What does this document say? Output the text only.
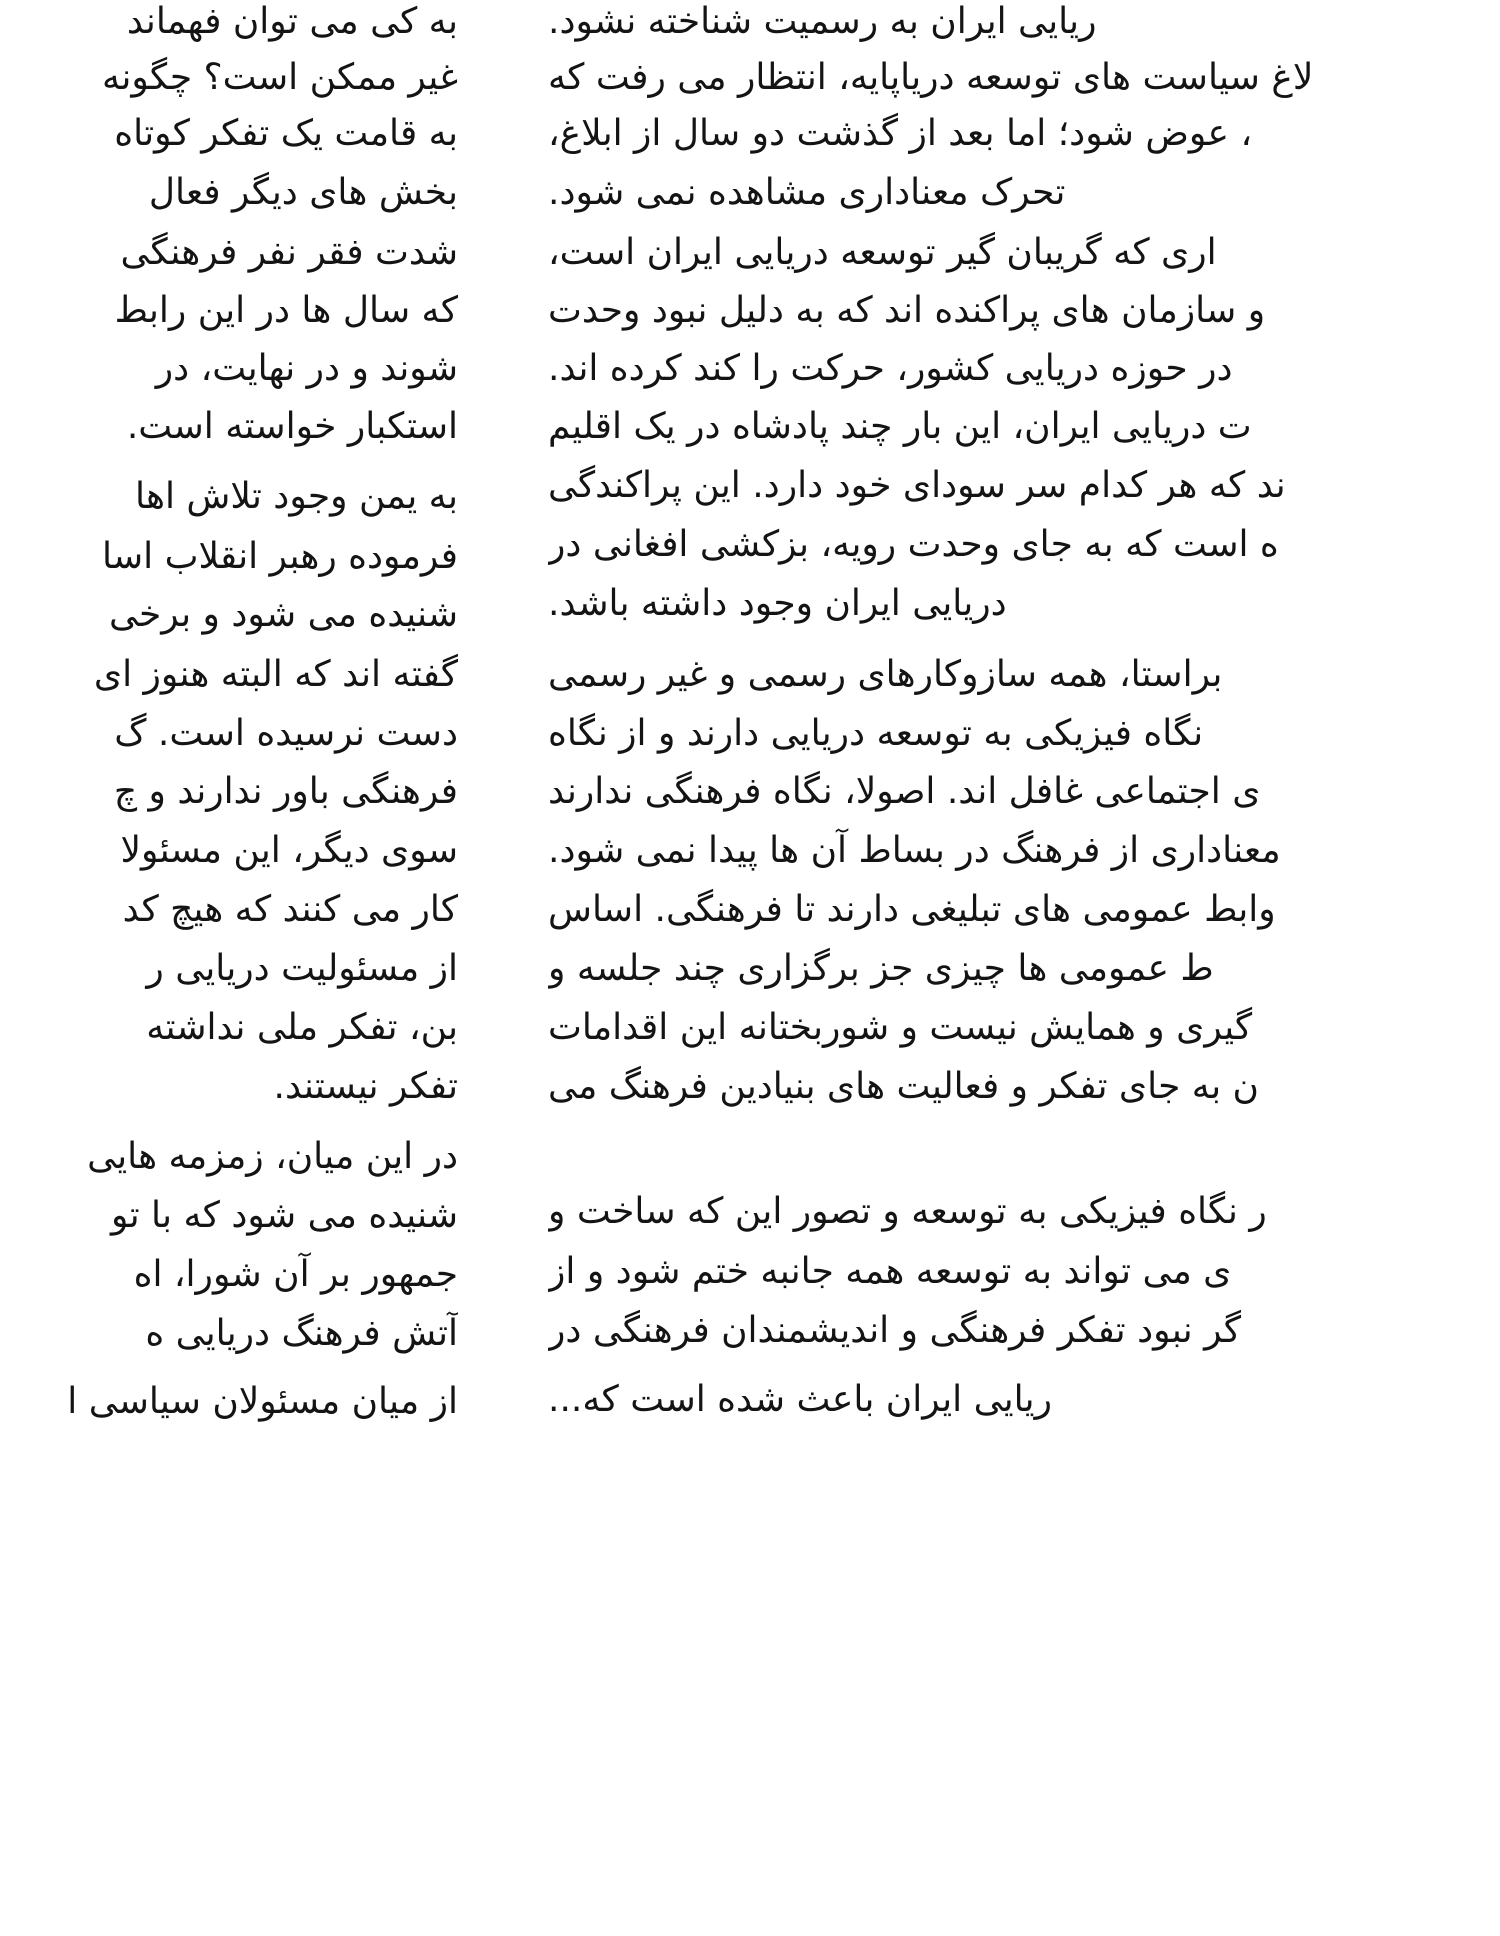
به کی می توان فهماند
غیر ممکن است؟ چگونه
به قامت یک تفکر کوتاه
بخش های دیگر فعال
شدت فقر نفر فرهنگی
که سال ها در این رابط
شوند و در نهایت، در
استکبار خواسته است.
به یمن وجود تلاش اها
فرموده رهبر انقلاب اسا
شنیده می شود و برخی
گفته اند که البته هنوز ای
دست نرسیده است. گ
فرهنگی باور ندارند و چ
سوی دیگر، این مسئولا
کار می کنند که هیچ کد
از مسئولیت دریایی ر
بن، تفکر ملی نداشته
تفکر نیستند.
در این میان، زمزمه هایی
شنیده می شود که با تو
جمهور بر آن شورا، اه
آتش فرهنگ دریایی ه
از میان مسئولان سیاسی ا
ریایی ایران به رسمیت شناخته نشود.
لاغ سیاست های توسعه دریاپایه، انتظار می رفت که
، عوض شود؛ اما بعد از گذشت دو سال از ابلاغ،
تحرک معناداری مشاهده نمی شود.
اری که گریبان گیر توسعه دریایی ایران است،
و سازمان های پراکنده اند که به دلیل نبود وحدت
در حوزه دریایی کشور، حرکت را کند کرده اند.
ت دریایی ایران، این بار چند پادشاه در یک اقلیم
ند که هر کدام سر سودای خود دارد. این پراکندگی
ه است که به جای وحدت رویه، بزکشی افغانی در
دریایی ایران وجود داشته باشد.
براستا، همه سازوکارهای رسمی و غیر رسمی
نگاه فیزیکی به توسعه دریایی دارند و از نگاه
ی اجتماعی غافل اند. اصولا، نگاه فرهنگی ندارند
معناداری از فرهنگ در بساط آن ها پیدا نمی شود.
وابط عمومی های تبلیغی دارند تا فرهنگی. اساس
ط عمومی ها چیزی جز برگزاری چند جلسه و
گیری و همایش نیست و شوربختانه این اقدامات
ن به جای تفکر و فعالیت های بنیادین فرهنگ می
ر نگاه فیزیکی به توسعه و تصور این که ساخت و
ی می تواند به توسعه همه جانبه ختم شود و از
گر نبود تفکر فرهنگی و اندیشمندان فرهنگی در
ریایی ایران باعث شده است که...
